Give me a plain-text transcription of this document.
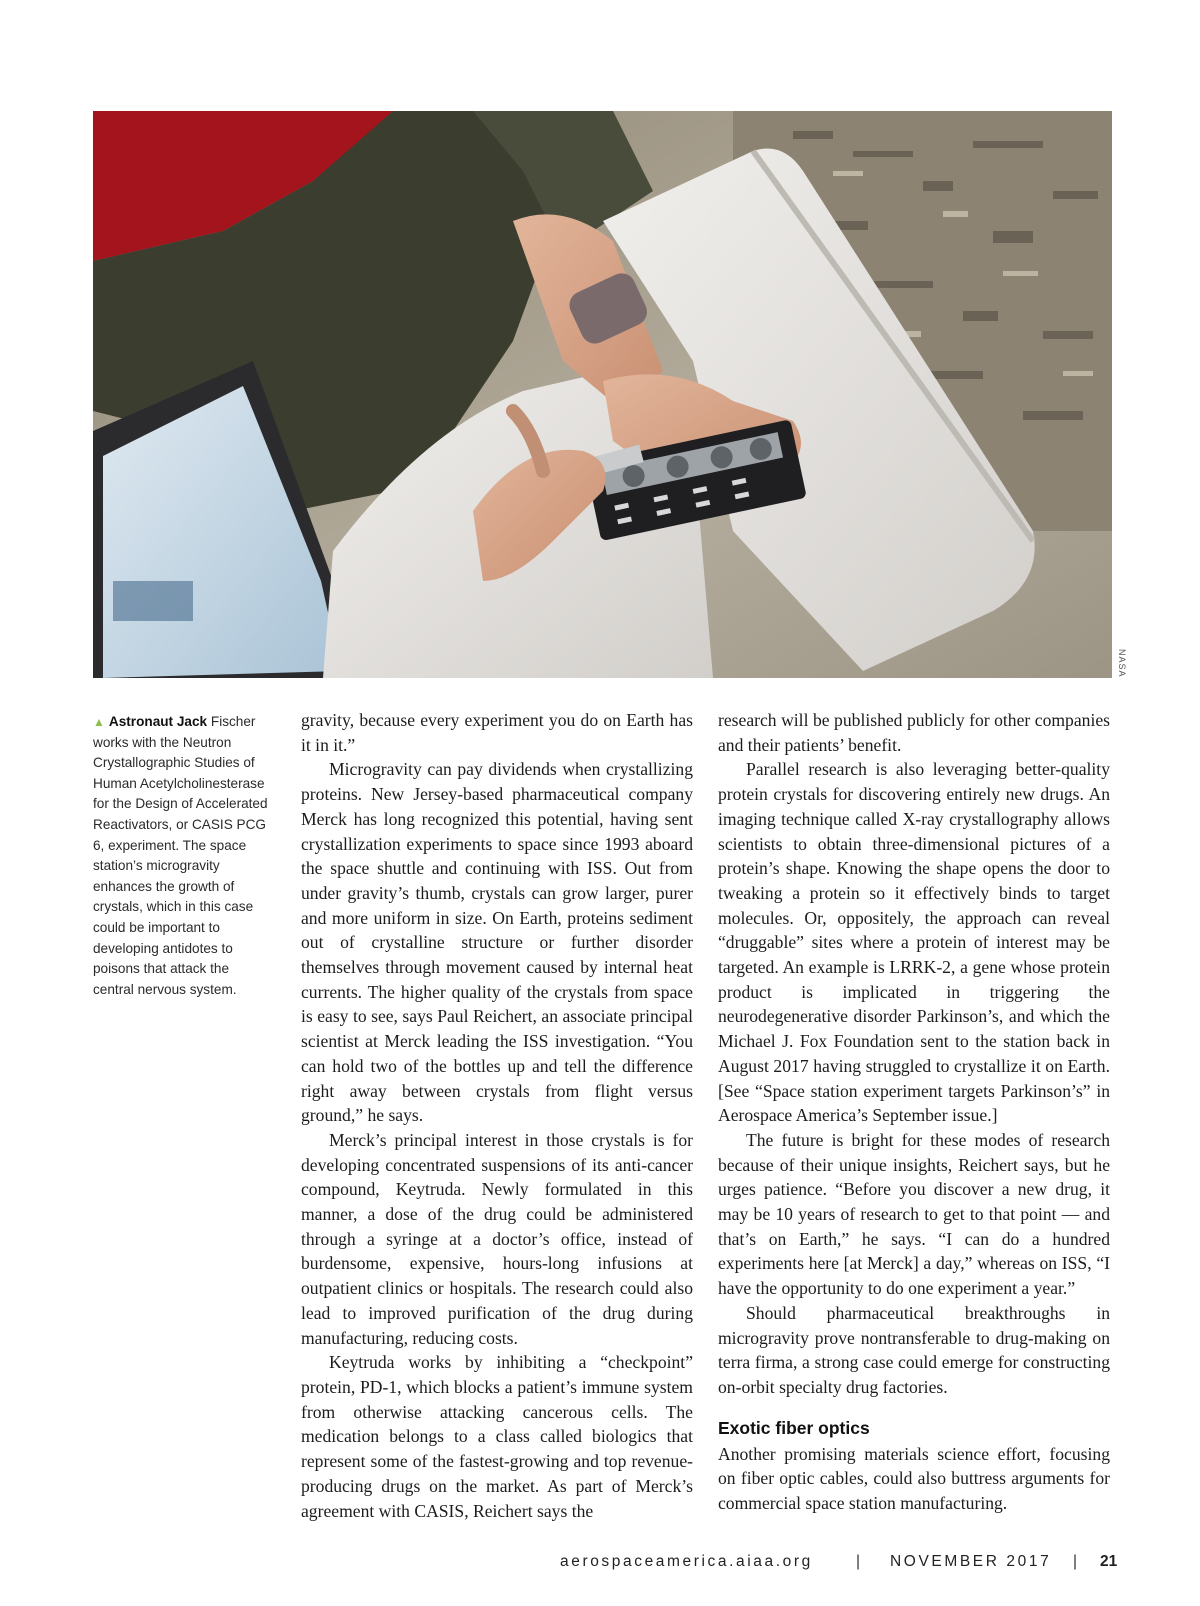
NASA
▲ Astronaut Jack Fischer works with the Neutron Crystallographic Studies of Human Acetylcholinesterase for the Design of Accelerated Reactivators, or CASIS PCG 6, experiment. The space station’s microgravity enhances the growth of crystals, which in this case could be important to developing antidotes to poisons that attack the central nervous system.

gravity, because every experiment you do on Earth has it in it.”

Microgravity can pay dividends when crystallizing proteins. New Jersey-based pharmaceutical company Merck has long recognized this potential, having sent crystallization experiments to space since 1993 aboard the space shuttle and continuing with ISS. Out from under gravity’s thumb, crystals can grow larger, purer and more uniform in size. On Earth, proteins sediment out of crystalline structure or further disorder themselves through movement caused by internal heat currents. The higher quality of the crystals from space is easy to see, says Paul Reichert, an associate principal scientist at Merck leading the ISS investigation. “You can hold two of the bottles up and tell the difference right away between crystals from flight versus ground,” he says.

Merck’s principal interest in those crystals is for developing concentrated suspensions of its anti-cancer compound, Keytruda. Newly formulated in this manner, a dose of the drug could be administered through a syringe at a doctor’s office, instead of burdensome, expensive, hours-long infusions at outpatient clinics or hospitals. The research could also lead to improved purification of the drug during manufacturing, reducing costs.

Keytruda works by inhibiting a “checkpoint” protein, PD-1, which blocks a patient’s immune system from otherwise attacking cancerous cells. The medication belongs to a class called biologics that represent some of the fastest-growing and top revenue-producing drugs on the market. As part of Merck’s agreement with CASIS, Reichert says the

research will be published publicly for other companies and their patients’ benefit.

Parallel research is also leveraging better-quality protein crystals for discovering entirely new drugs. An imaging technique called X-ray crystallography allows scientists to obtain three-dimensional pictures of a protein’s shape. Knowing the shape opens the door to tweaking a protein so it effectively binds to target molecules. Or, oppositely, the approach can reveal “druggable” sites where a protein of interest may be targeted. An example is LRRK-2, a gene whose protein product is implicated in triggering the neurodegenerative disorder Parkinson’s, and which the Michael J. Fox Foundation sent to the station back in August 2017 having struggled to crystallize it on Earth. [See “Space station experiment targets Parkinson’s” in Aerospace America’s September issue.]

The future is bright for these modes of research because of their unique insights, Reichert says, but he urges patience. “Before you discover a new drug, it may be 10 years of research to get to that point — and that’s on Earth,” he says. “I can do a hundred experiments here [at Merck] a day,” whereas on ISS, “I have the opportunity to do one experiment a year.”

Should pharmaceutical breakthroughs in microgravity prove nontransferable to drug-making on terra firma, a strong case could emerge for constructing on-orbit specialty drug factories.

Exotic fiber optics

Another promising materials science effort, focusing on fiber optic cables, could also buttress arguments for commercial space station manufacturing.

aerospaceamerica.aiaa.org	| NOVEMBER 2017 | 21
